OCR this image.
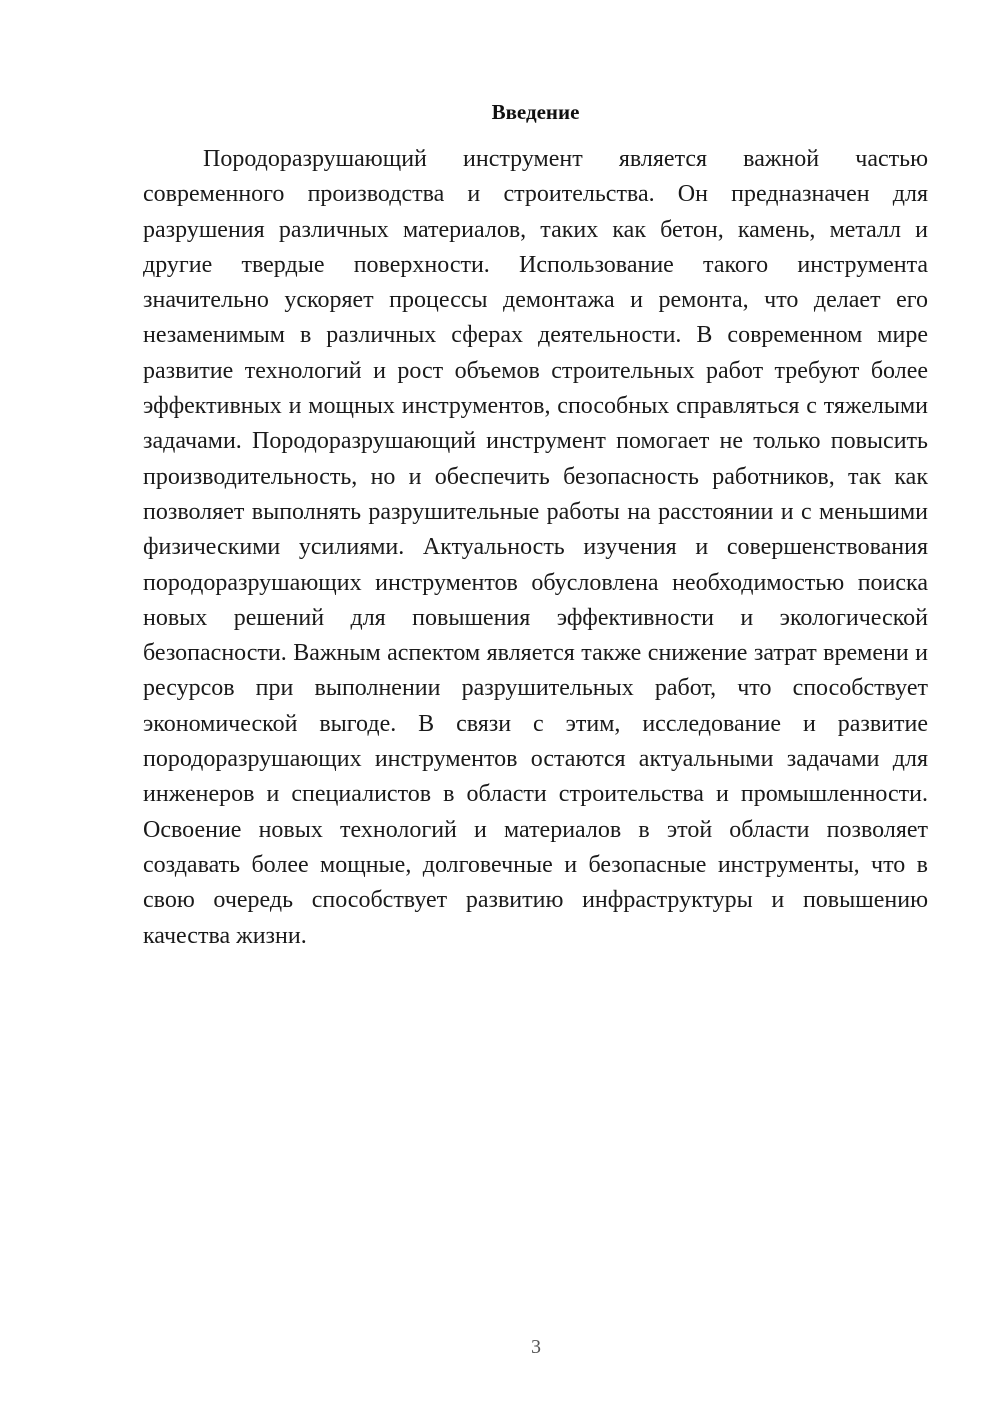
Введение

Породоразрушающий инструмент является важной частью современного производства и строительства. Он предназначен для разрушения различных материалов, таких как бетон, камень, металл и другие твердые поверхности. Использование такого инструмента значительно ускоряет процессы демонтажа и ремонта, что делает его незаменимым в различных сферах деятельности. В современном мире развитие технологий и рост объемов строительных работ требуют более эффективных и мощных инструментов, способных справляться с тяжелыми задачами. Породоразрушающий инструмент помогает не только повысить производительность, но и обеспечить безопасность работников, так как позволяет выполнять разрушительные работы на расстоянии и с меньшими физическими усилиями. Актуальность изучения и совершенствования породоразрушающих инструментов обусловлена необходимостью поиска новых решений для повышения эффективности и экологической безопасности. Важным аспектом является также снижение затрат времени и ресурсов при выполнении разрушительных работ, что способствует экономической выгоде. В связи с этим, исследование и развитие породоразрушающих инструментов остаются актуальными задачами для инженеров и специалистов в области строительства и промышленности. Освоение новых технологий и материалов в этой области позволяет создавать более мощные, долговечные и безопасные инструменты, что в свою очередь способствует развитию инфраструктуры и повышению качества жизни.

3
